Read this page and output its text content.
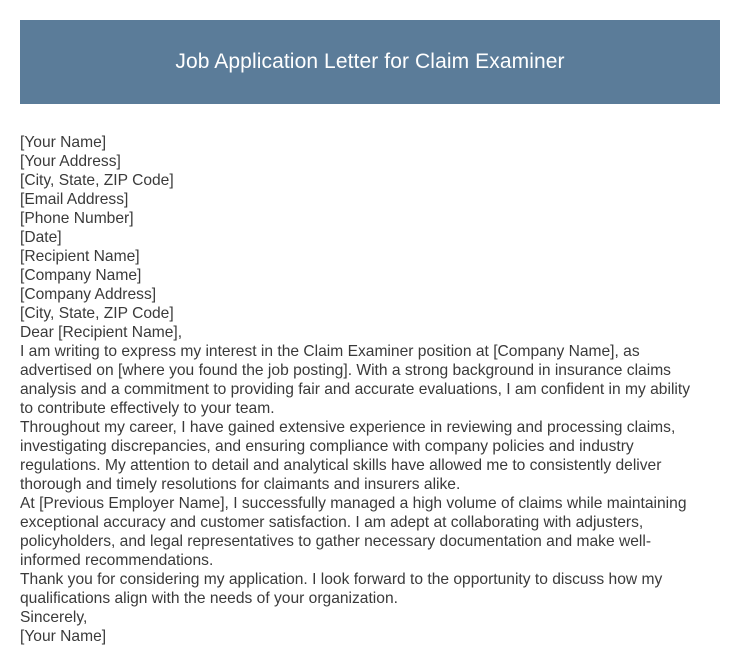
Job Application Letter for Claim Examiner
[Your Name]
[Your Address]
[City, State, ZIP Code]
[Email Address]
[Phone Number]
[Date]
[Recipient Name]
[Company Name]
[Company Address]
[City, State, ZIP Code]
Dear [Recipient Name],
I am writing to express my interest in the Claim Examiner position at [Company Name], as
advertised on [where you found the job posting]. With a strong background in insurance claims
analysis and a commitment to providing fair and accurate evaluations, I am confident in my ability
to contribute effectively to your team.
Throughout my career, I have gained extensive experience in reviewing and processing claims,
investigating discrepancies, and ensuring compliance with company policies and industry
regulations. My attention to detail and analytical skills have allowed me to consistently deliver
thorough and timely resolutions for claimants and insurers alike.
At [Previous Employer Name], I successfully managed a high volume of claims while maintaining
exceptional accuracy and customer satisfaction. I am adept at collaborating with adjusters,
policyholders, and legal representatives to gather necessary documentation and make well-
informed recommendations.
Thank you for considering my application. I look forward to the opportunity to discuss how my
qualifications align with the needs of your organization.
Sincerely,
[Your Name]
